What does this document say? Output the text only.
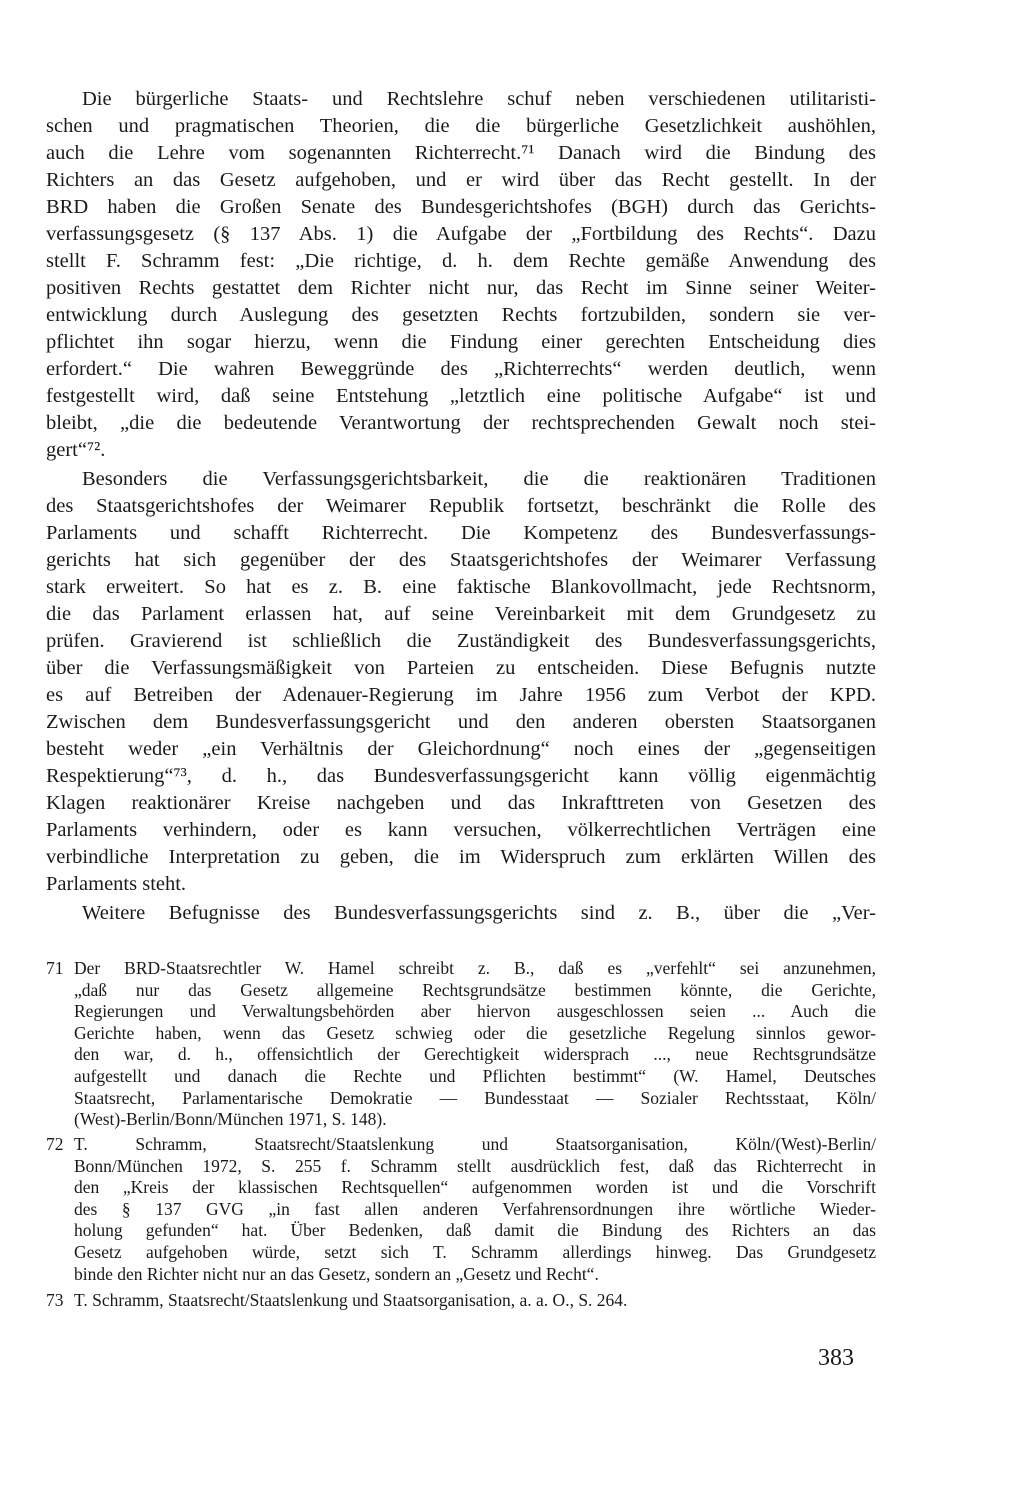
Die bürgerliche Staats- und Rechtslehre schuf neben verschiedenen utilitaristi-
schen und pragmatischen Theorien, die die bürgerliche Gesetzlichkeit aushöhlen,
auch die Lehre vom sogenannten Richterrecht.⁷¹ Danach wird die Bindung des
Richters an das Gesetz aufgehoben, und er wird über das Recht gestellt. In der
BRD haben die Großen Senate des Bundesgerichtshofes (BGH) durch das Gerichts-
verfassungsgesetz (§ 137 Abs. 1) die Aufgabe der „Fortbildung des Rechts“. Dazu
stellt F. Schramm fest: „Die richtige, d. h. dem Rechte gemäße Anwendung des
positiven Rechts gestattet dem Richter nicht nur, das Recht im Sinne seiner Weiter-
entwicklung durch Auslegung des gesetzten Rechts fortzubilden, sondern sie ver-
pflichtet ihn sogar hierzu, wenn die Findung einer gerechten Entscheidung dies
erfordert.“ Die wahren Beweggründe des „Richterrechts“ werden deutlich, wenn
festgestellt wird, daß seine Entstehung „letztlich eine politische Aufgabe“ ist und
bleibt, „die die bedeutende Verantwortung der rechtsprechenden Gewalt noch stei-
gert“⁷².
Besonders die Verfassungsgerichtsbarkeit, die die reaktionären Traditionen
des Staatsgerichtshofes der Weimarer Republik fortsetzt, beschränkt die Rolle des
Parlaments und schafft Richterrecht. Die Kompetenz des Bundesverfassungs-
gerichts hat sich gegenüber der des Staatsgerichtshofes der Weimarer Verfassung
stark erweitert. So hat es z. B. eine faktische Blankovollmacht, jede Rechtsnorm,
die das Parlament erlassen hat, auf seine Vereinbarkeit mit dem Grundgesetz zu
prüfen. Gravierend ist schließlich die Zuständigkeit des Bundesverfassungsgerichts,
über die Verfassungsmäßigkeit von Parteien zu entscheiden. Diese Befugnis nutzte
es auf Betreiben der Adenauer-Regierung im Jahre 1956 zum Verbot der KPD.
Zwischen dem Bundesverfassungsgericht und den anderen obersten Staatsorganen
besteht weder „ein Verhältnis der Gleichordnung“ noch eines der „gegenseitigen
Respektierung“⁷³, d. h., das Bundesverfassungsgericht kann völlig eigenmächtig
Klagen reaktionärer Kreise nachgeben und das Inkrafttreten von Gesetzen des
Parlaments verhindern, oder es kann versuchen, völkerrechtlichen Verträgen eine
verbindliche Interpretation zu geben, die im Widerspruch zum erklärten Willen des
Parlaments steht.
Weitere Befugnisse des Bundesverfassungsgerichts sind z. B., über die „Ver-
71 Der BRD-Staatsrechtler W. Hamel schreibt z. B., daß es „verfehlt“ sei anzunehmen,
„daß nur das Gesetz allgemeine Rechtsgrundsätze bestimmen könnte, die Gerichte,
Regierungen und Verwaltungsbehörden aber hiervon ausgeschlossen seien ... Auch die
Gerichte haben, wenn das Gesetz schwieg oder die gesetzliche Regelung sinnlos gewor-
den war, d. h., offensichtlich der Gerechtigkeit widersprach ..., neue Rechtsgrundsätze
aufgestellt und danach die Rechte und Pflichten bestimmt“ (W. Hamel, Deutsches
Staatsrecht, Parlamentarische Demokratie — Bundesstaat — Sozialer Rechtsstaat, Köln/
(West)-Berlin/Bonn/München 1971, S. 148).
72 T. Schramm, Staatsrecht/Staatslenkung und Staatsorganisation, Köln/(West)-Berlin/
Bonn/München 1972, S. 255 f. Schramm stellt ausdrücklich fest, daß das Richterrecht in
den „Kreis der klassischen Rechtsquellen“ aufgenommen worden ist und die Vorschrift
des § 137 GVG „in fast allen anderen Verfahrensordnungen ihre wörtliche Wieder-
holung gefunden“ hat. Über Bedenken, daß damit die Bindung des Richters an das
Gesetz aufgehoben würde, setzt sich T. Schramm allerdings hinweg. Das Grundgesetz
binde den Richter nicht nur an das Gesetz, sondern an „Gesetz und Recht“.
73 T. Schramm, Staatsrecht/Staatslenkung und Staatsorganisation, a. a. O., S. 264.
383
